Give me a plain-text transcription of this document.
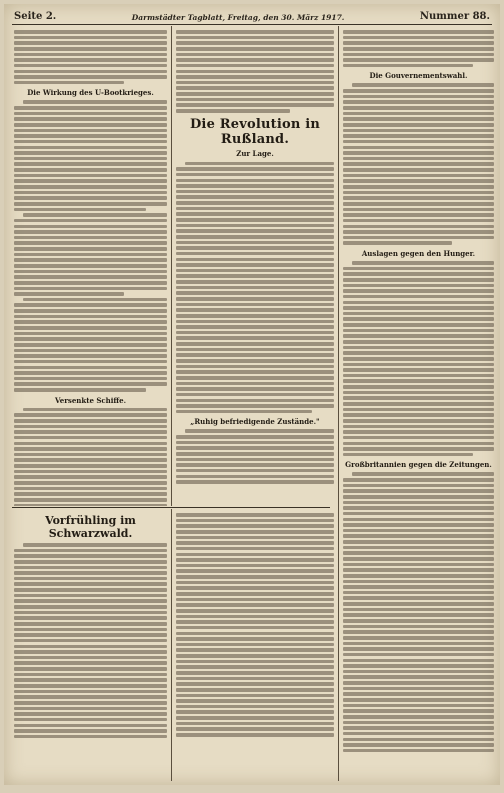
Seite 2.	Darmstädter Tagblatt, Freitag, den 30. März 1917.	Nummer 88.
Die Wirkung des U-Bootkrieges.
Versenkte Schiffe.
Die Revolution in Rußland.
Zur Lage.
„Ruhig befriedigende Zustände."
Die Gouvernementswahl.
Auslagen gegen den Hunger.
Großbritannien gegen die Zeitungen.
Vorfrühling im Schwarzwald.
